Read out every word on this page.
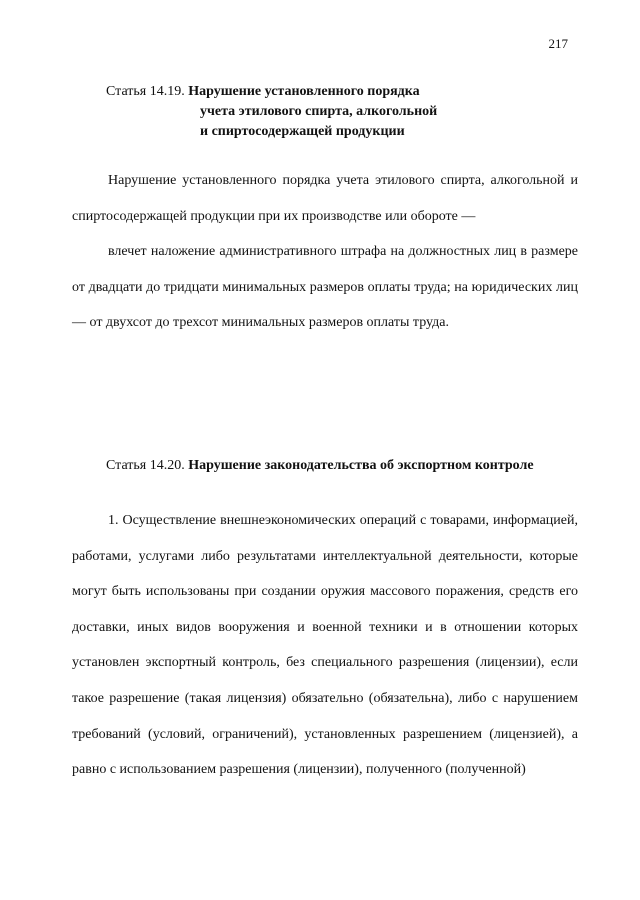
217
Статья 14.19. Нарушение установленного порядка
учета этилового спирта, алкогольной
и спиртосодержащей продукции

Нарушение установленного порядка учета этилового спирта, алкогольной и спиртосодержащей продукции при их производстве или обороте —

влечет наложение административного штрафа на должностных лиц в размере от двадцати до тридцати минимальных размеров оплаты труда; на юридических лиц — от двухсот до трехсот минимальных размеров оплаты труда.

Статья 14.20. Нарушение законодательства об экспортном контроле

1. Осуществление внешнеэкономических операций с товарами, информацией, работами, услугами либо результатами интеллектуальной деятельности, которые могут быть использованы при создании оружия массового поражения, средств его доставки, иных видов вооружения и военной техники и в отношении которых установлен экспортный контроль, без специального разрешения (лицензии), если такое разрешение (такая лицензия) обязательно (обязательна), либо с нарушением требований (условий, ограничений), установленных разрешением (лицензией), а равно с использованием разрешения (лицензии), полученного (полученной)
